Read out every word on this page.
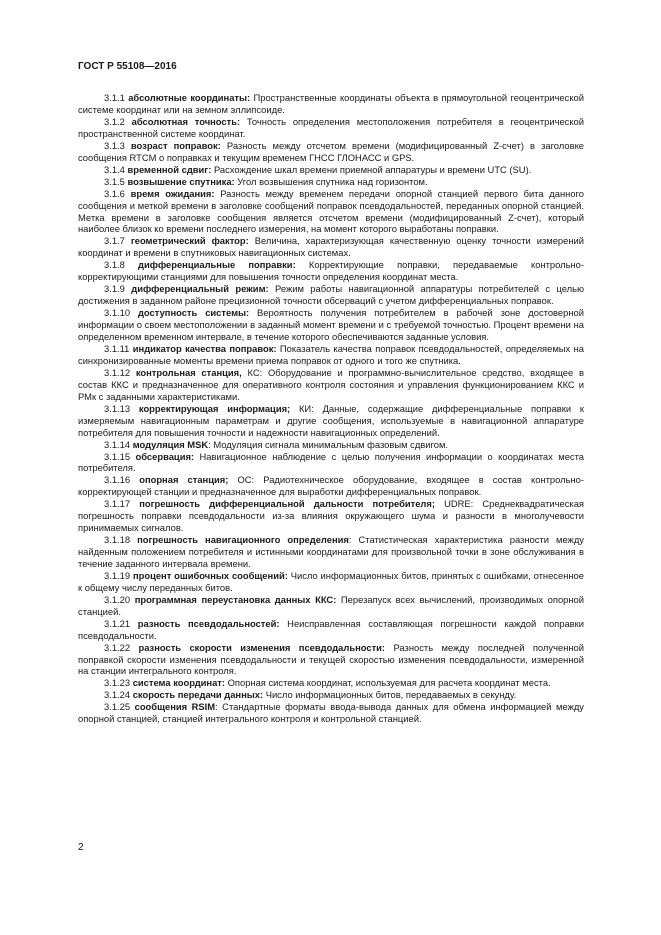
ГОСТ Р 55108—2016

3.1.1 абсолютные координаты: Пространственные координаты объекта в прямоугольной геоцентрической системе координат или на земном эллипсоиде.

3.1.2 абсолютная точность: Точность определения местоположения потребителя в геоцентрической пространственной системе координат.

3.1.3 возраст поправок: Разность между отсчетом времени (модифицированный Z-счет) в заголовке сообщения RTCM о поправках и текущим временем ГНСС ГЛОНАСС и GPS.

3.1.4 временной сдвиг: Расхождение шкал времени приемной аппаратуры и времени UTC (SU).

3.1.5 возвышение спутника: Угол возвышения спутника над горизонтом.

3.1.6 время ожидания: Разность между временем передачи опорной станцией первого бита данного сообщения и меткой времени в заголовке сообщений поправок псевдодальностей, переданных опорной станцией. Метка времени в заголовке сообщения является отсчетом времени (модифицированный Z-счет), который наиболее близок ко времени последнего измерения, на момент которого выработаны поправки.

3.1.7 геометрический фактор: Величина, характеризующая качественную оценку точности измерений координат и времени в спутниковых навигационных системах.

3.1.8 дифференциальные поправки: Корректирующие поправки, передаваемые контрольно-корректирующими станциями для повышения точности определения координат места.

3.1.9 дифференциальный режим: Режим работы навигационной аппаратуры потребителей с целью достижения в заданном районе прецизионной точности обсерваций с учетом дифференциальных поправок.

3.1.10 доступность системы: Вероятность получения потребителем в рабочей зоне достоверной информации о своем местоположении в заданный момент времени и с требуемой точностью. Процент времени на определенном временном интервале, в течение которого обеспечиваются заданные условия.

3.1.11 индикатор качества поправок: Показатель качества поправок псевдодальностей, определяемых на синхронизированные моменты времени приема поправок от одного и того же спутника.

3.1.12 контрольная станция, КС: Оборудование и программно-вычислительное средство, входящее в состав ККС и предназначенное для оперативного контроля состояния и управления функционированием ККС и РМк с заданными характеристиками.

3.1.13 корректирующая информация; КИ: Данные, содержащие дифференциальные поправки к измеряемым навигационным параметрам и другие сообщения, используемые в навигационной аппаратуре потребителя для повышения точности и надежности навигационных определений.

3.1.14 модуляция MSK: Модуляция сигнала минимальным фазовым сдвигом.

3.1.15 обсервация: Навигационное наблюдение с целью получения информации о координатах места потребителя.

3.1.16 опорная станция; ОС: Радиотехническое оборудование, входящее в состав контрольно-корректирующей станции и предназначенное для выработки дифференциальных поправок.

3.1.17 погрешность дифференциальной дальности потребителя; UDRE: Среднеквадратическая погрешность поправки псевдодальности из-за влияния окружающего шума и разности в многолучевости принимаемых сигналов.

3.1.18 погрешность навигационного определения: Статистическая характеристика разности между найденным положением потребителя и истинными координатами для произвольной точки в зоне обслуживания в течение заданного интервала времени.

3.1.19 процент ошибочных сообщений: Число информационных битов, принятых с ошибками, отнесенное к общему числу переданных битов.

3.1.20 программная переустановка данных ККС: Перезапуск всех вычислений, производимых опорной станцией.

3.1.21 разность псевдодальностей: Неисправленная составляющая погрешности каждой поправки псевдодальности.

3.1.22 разность скорости изменения псевдодальности: Разность между последней полученной поправкой скорости изменения псевдодальности и текущей скоростью изменения псевдодальности, измеренной на станции интегрального контроля.

3.1.23 система координат: Опорная система координат, используемая для расчета координат места.

3.1.24 скорость передачи данных: Число информационных битов, передаваемых в секунду.

3.1.25 сообщения RSIM: Стандартные форматы ввода-вывода данных для обмена информацией между опорной станцией, станцией интегрального контроля и контрольной станцией.

2
